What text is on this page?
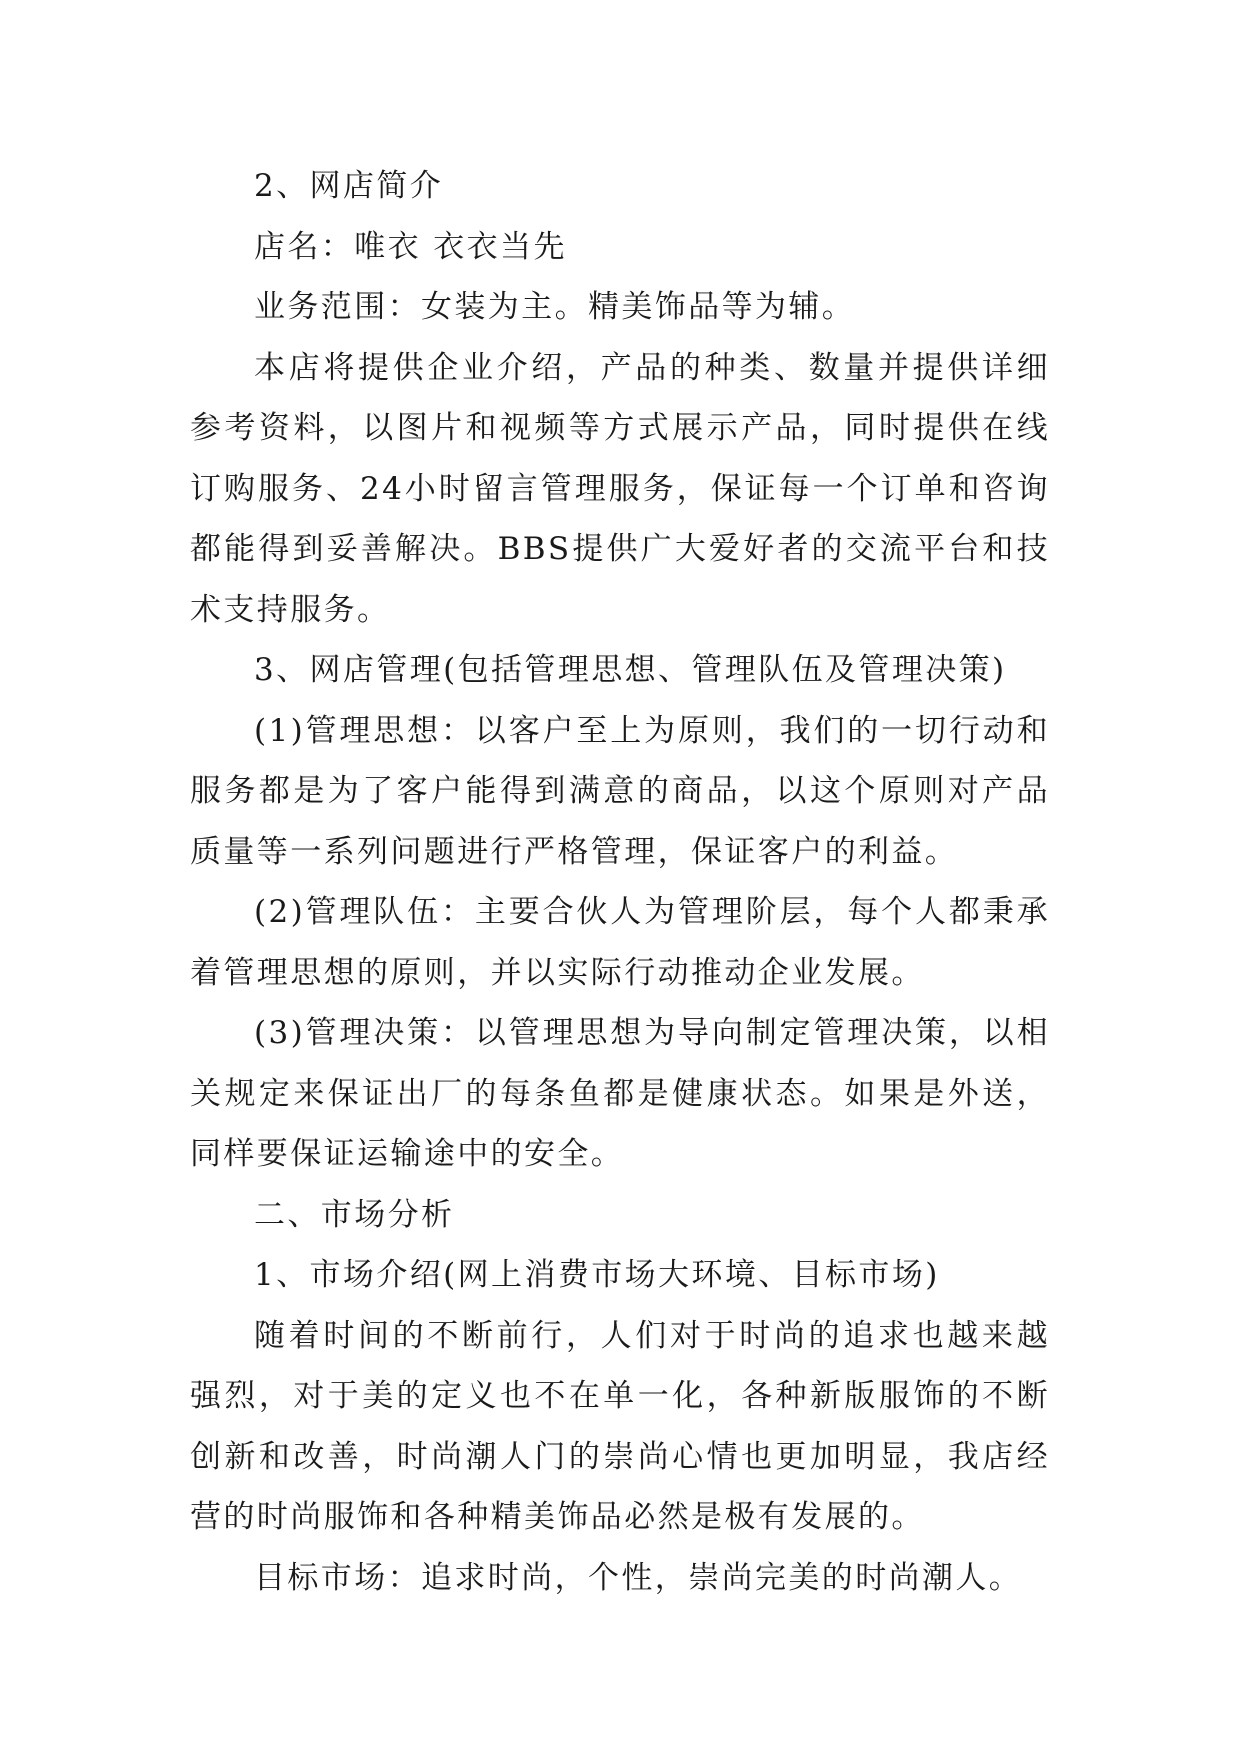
2、网店简介

店名：唯衣 衣衣当先

业务范围：女装为主。精美饰品等为辅。

本店将提供企业介绍，产品的种类、数量并提供详细参考资料，以图片和视频等方式展示产品，同时提供在线订购服务、24小时留言管理服务，保证每一个订单和咨询都能得到妥善解决。BBS提供广大爱好者的交流平台和技术支持服务。

3、网店管理(包括管理思想、管理队伍及管理决策)

(1)管理思想：以客户至上为原则，我们的一切行动和服务都是为了客户能得到满意的商品，以这个原则对产品质量等一系列问题进行严格管理，保证客户的利益。

(2)管理队伍：主要合伙人为管理阶层，每个人都秉承着管理思想的原则，并以实际行动推动企业发展。

(3)管理决策：以管理思想为导向制定管理决策，以相关规定来保证出厂的每条鱼都是健康状态。如果是外送，同样要保证运输途中的安全。

二、市场分析

1、市场介绍(网上消费市场大环境、目标市场)

随着时间的不断前行，人们对于时尚的追求也越来越强烈，对于美的定义也不在单一化，各种新版服饰的不断创新和改善，时尚潮人门的崇尚心情也更加明显，我店经营的时尚服饰和各种精美饰品必然是极有发展的。

目标市场：追求时尚，个性，崇尚完美的时尚潮人。
